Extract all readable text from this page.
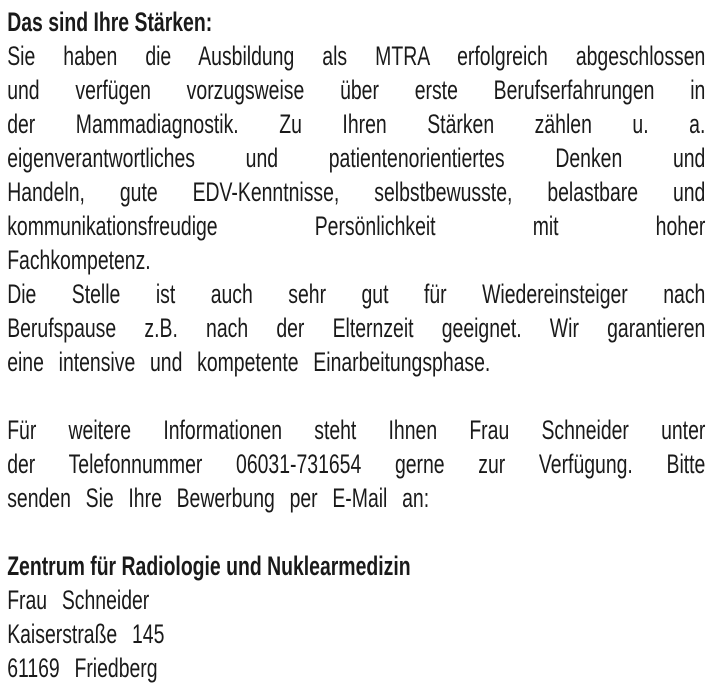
Das sind Ihre Stärken:
Sie haben die Ausbildung als MTRA erfolgreich abgeschlossen
und verfügen vorzugsweise über erste Berufserfahrungen in
der Mammadiagnostik. Zu Ihren Stärken zählen u. a.
eigenverantwortliches und patientenorientiertes Denken und
Handeln, gute EDV-Kenntnisse, selbstbewusste, belastbare und
kommunikationsfreudige Persönlichkeit mit hoher
Fachkompetenz.
Die Stelle ist auch sehr gut für Wiedereinsteiger nach
Berufspause z.B. nach der Elternzeit geeignet. Wir garantieren
eine intensive und kompetente Einarbeitungsphase.
Für weitere Informationen steht Ihnen Frau Schneider unter
der Telefonnummer 06031-731654 gerne zur Verfügung. Bitte
senden Sie Ihre Bewerbung per E-Mail an:
Zentrum für Radiologie und Nuklearmedizin
Frau Schneider
Kaiserstraße 145
61169 Friedberg
